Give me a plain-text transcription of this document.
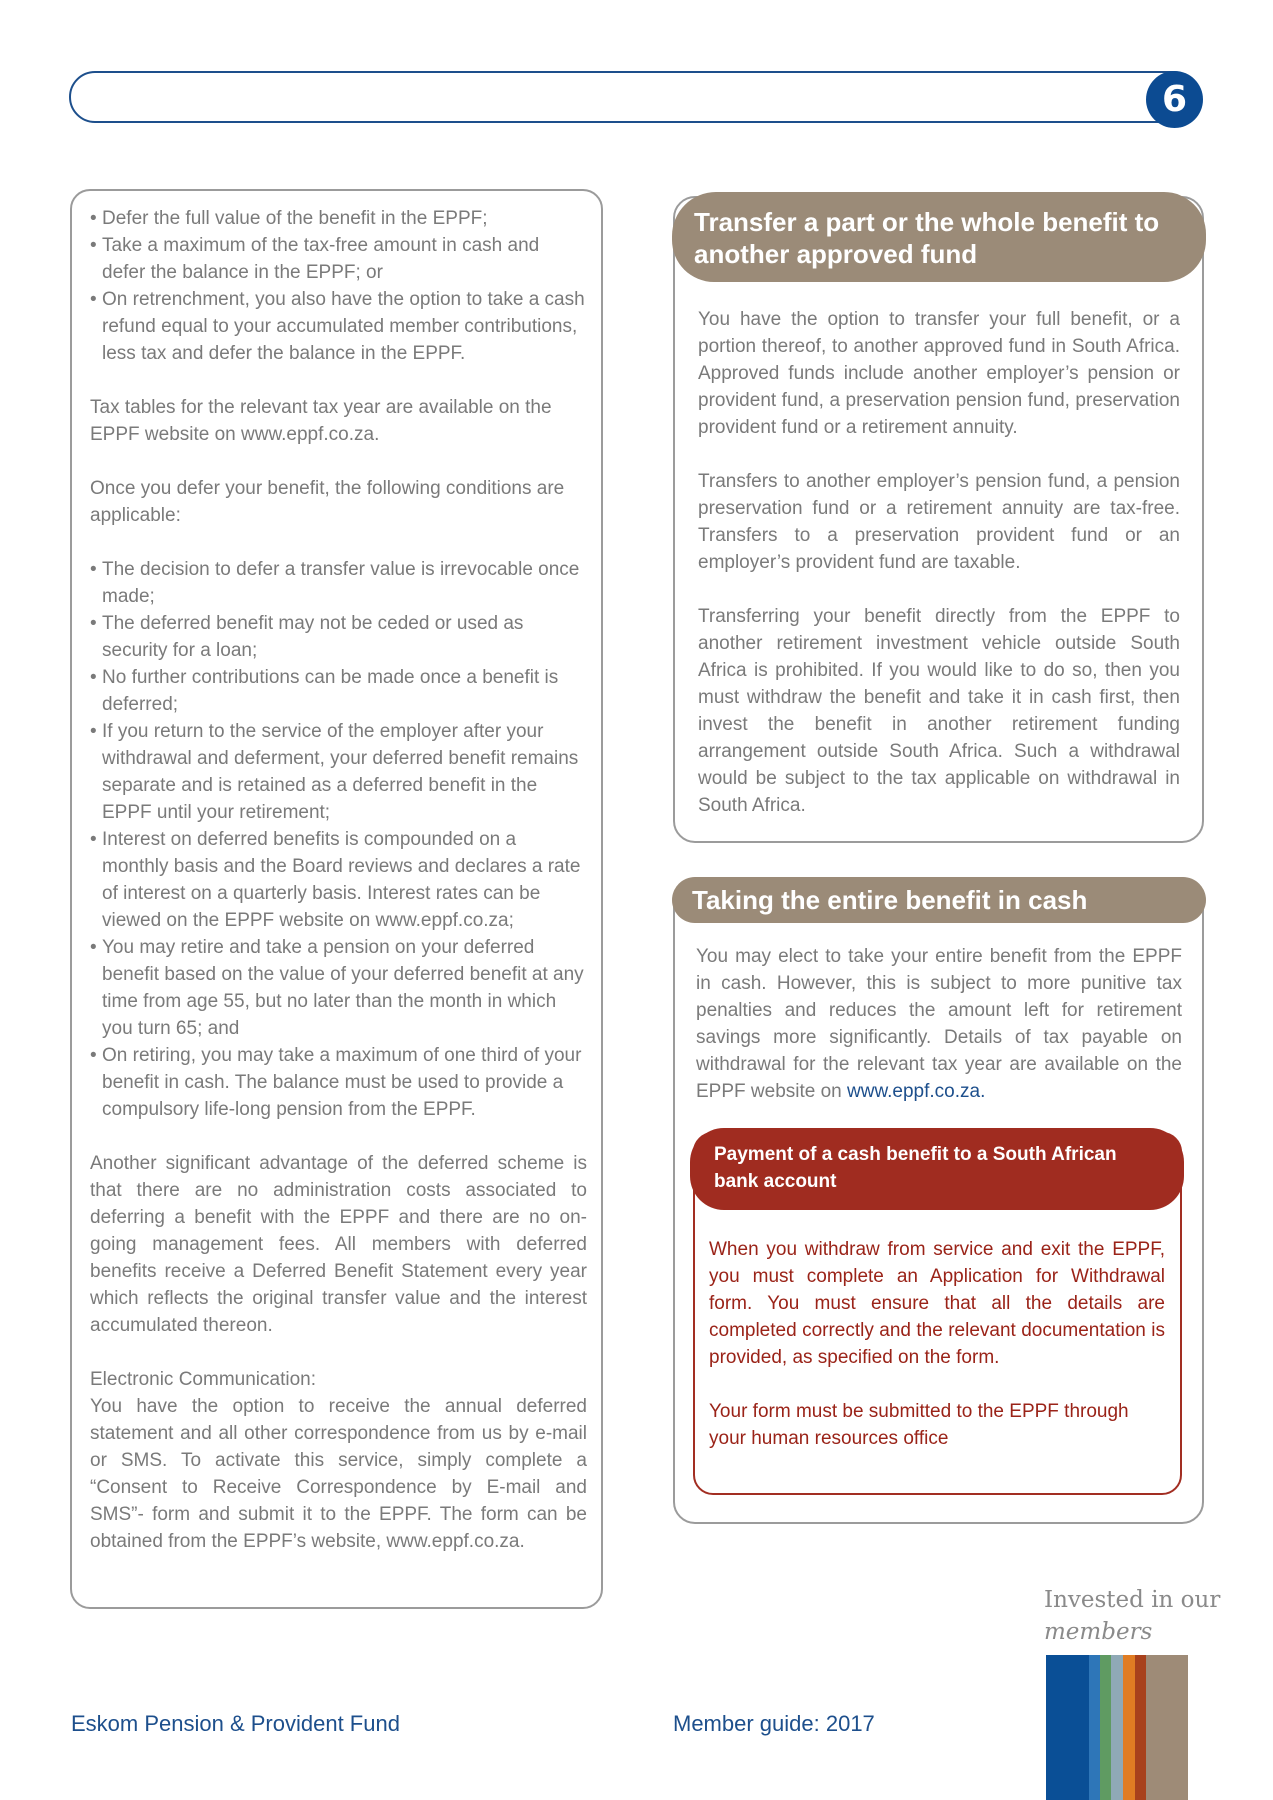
6
• Defer the full value of the benefit in the EPPF;
• Take a maximum of the tax-free amount in cash and defer the balance in the EPPF; or
• On retrenchment, you also have the option to take a cash refund equal to your accumulated member contributions, less tax and defer the balance in the EPPF.

Tax tables for the relevant tax year are available on the EPPF website on www.eppf.co.za.

Once you defer your benefit, the following conditions are applicable:

• The decision to defer a transfer value is irrevocable once made;
• The deferred benefit may not be ceded or used as security for a loan;
• No further contributions can be made once a benefit is deferred;
• If you return to the service of the employer after your withdrawal and deferment, your deferred benefit remains separate and is retained as a deferred benefit in the EPPF until your retirement;
• Interest on deferred benefits is compounded on a monthly basis and the Board reviews and declares a rate of interest on a quarterly basis. Interest rates can be viewed on the EPPF website on www.eppf.co.za;
• You may retire and take a pension on your deferred benefit based on the value of your deferred benefit at any time from age 55, but no later than the month in which you turn 65; and
• On retiring, you may take a maximum of one third of your benefit in cash. The balance must be used to provide a compulsory life-long pension from the EPPF.

Another significant advantage of the deferred scheme is that there are no administration costs associated to deferring a benefit with the EPPF and there are no on-going management fees. All members with deferred benefits receive a Deferred Benefit Statement every year which reflects the original transfer value and the interest accumulated thereon.

Electronic Communication:

You have the option to receive the annual deferred statement and all other correspondence from us by e-mail or SMS. To activate this service, simply complete a “Consent to Receive Correspondence by E-mail and SMS”- form and submit it to the EPPF. The form can be obtained from the EPPF’s website, www.eppf.co.za.

Transfer a part or the whole benefit to another approved fund

You have the option to transfer your full benefit, or a portion thereof, to another approved fund in South Africa. Approved funds include another employer’s pension or provident fund, a preservation pension fund, preservation provident fund or a retirement annuity.

Transfers to another employer’s pension fund, a pension preservation fund or a retirement annuity are tax-free. Transfers to a preservation provident fund or an employer’s provident fund are taxable.

Transferring your benefit directly from the EPPF to another retirement investment vehicle outside South Africa is prohibited. If you would like to do so, then you must withdraw the benefit and take it in cash first, then invest the benefit in another retirement funding arrangement outside South Africa. Such a withdrawal would be subject to the tax applicable on withdrawal in South Africa.

Taking the entire benefit in cash

You may elect to take your entire benefit from the EPPF in cash. However, this is subject to more punitive tax penalties and reduces the amount left for retirement savings more significantly. Details of tax payable on withdrawal for the relevant tax year are available on the EPPF website on www.eppf.co.za.

Payment of a cash benefit to a South African bank account

When you withdraw from service and exit the EPPF, you must complete an Application for Withdrawal form. You must ensure that all the details are completed correctly and the relevant documentation is provided, as specified on the form.

Your form must be submitted to the EPPF through your human resources office

Invested in our
members
Eskom Pension & Provident Fund	Member guide: 2017
